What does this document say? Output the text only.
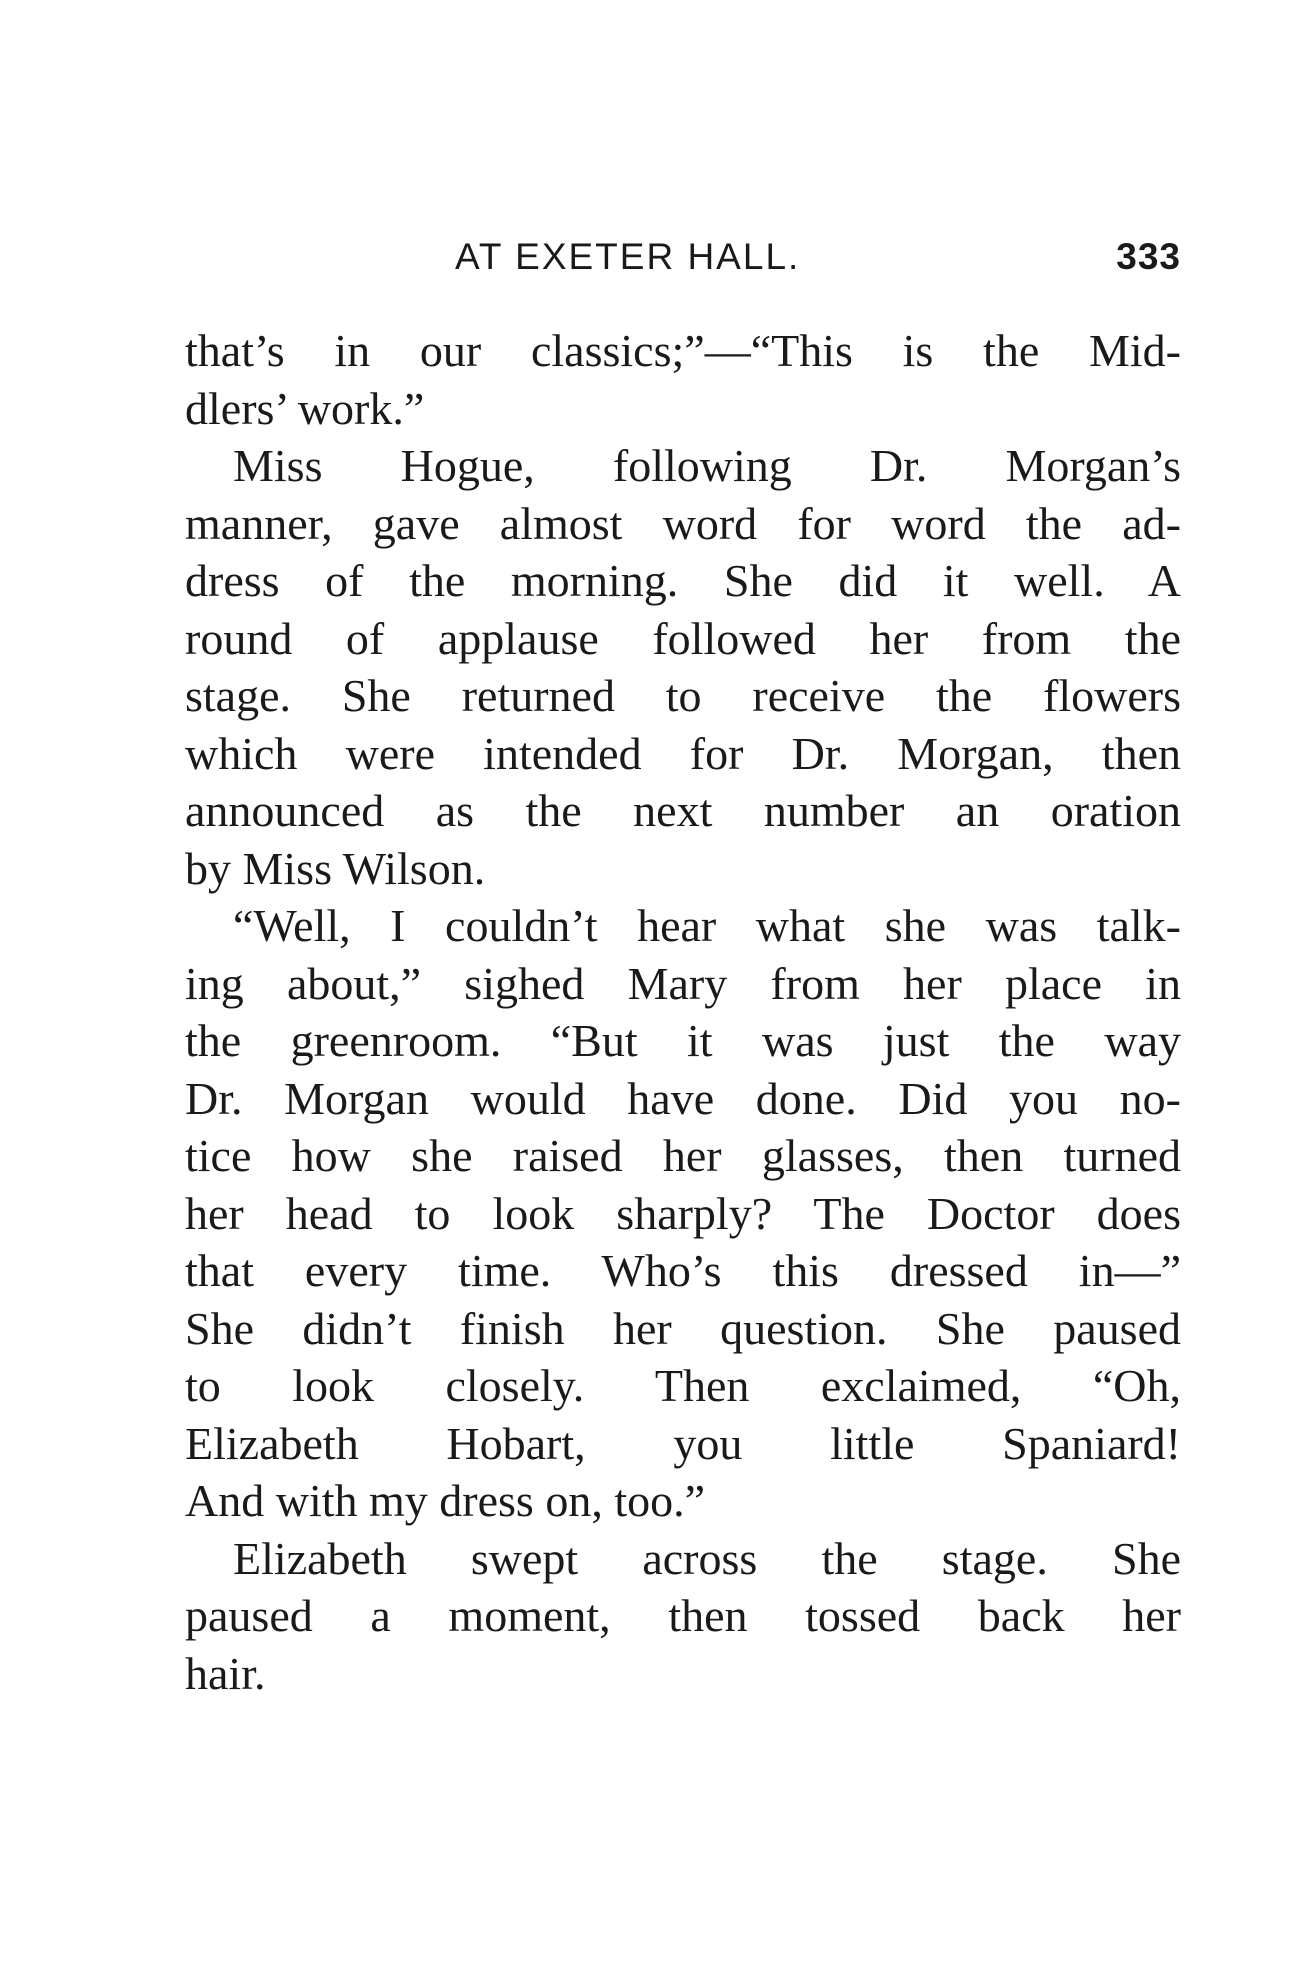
AT EXETER HALL.	333
that’s in our classics;”—“This is the Mid-
dlers’ work.”
Miss Hogue, following Dr. Morgan’s
manner, gave almost word for word the ad-
dress of the morning. She did it well. A
round of applause followed her from the
stage. She returned to receive the flowers
which were intended for Dr. Morgan, then
announced as the next number an oration
by Miss Wilson.
“Well, I couldn’t hear what she was talk-
ing about,” sighed Mary from her place in
the greenroom. “But it was just the way
Dr. Morgan would have done. Did you no-
tice how she raised her glasses, then turned
her head to look sharply? The Doctor does
that every time. Who’s this dressed in—”
She didn’t finish her question. She paused
to look closely. Then exclaimed, “Oh,
Elizabeth Hobart, you little Spaniard!
And with my dress on, too.”
Elizabeth swept across the stage. She
paused a moment, then tossed back her
hair.
